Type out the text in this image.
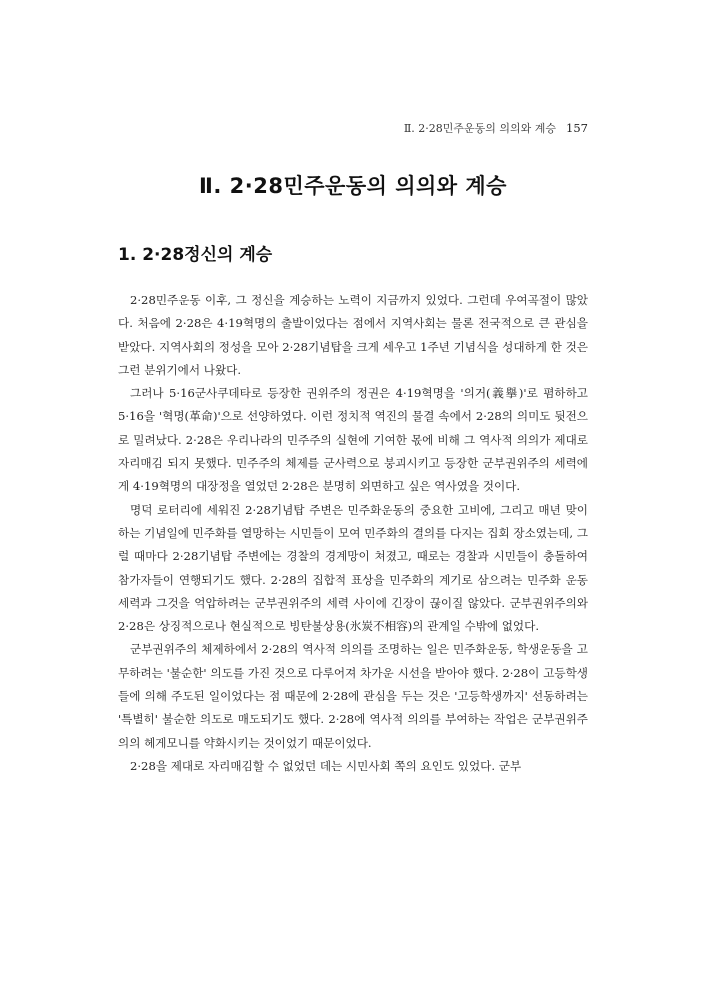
Ⅱ. 2·28민주운동의 의의와 계승 157
Ⅱ. 2·28민주운동의 의의와 계승
1. 2·28정신의 계승

2·28민주운동 이후, 그 정신을 계승하는 노력이 지금까지 있었다. 그런데 우여곡절이 많았다. 처음에 2·28은 4·19혁명의 출발이었다는 점에서 지역사회는 물론 전국적으로 큰 관심을 받았다. 지역사회의 정성을 모아 2·28기념탑을 크게 세우고 1주년 기념식을 성대하게 한 것은 그런 분위기에서 나왔다.

그러나 5·16군사쿠데타로 등장한 권위주의 정권은 4·19혁명을 '의거(義擧)'로 폄하하고 5·16을 '혁명(革命)'으로 선양하였다. 이런 정치적 역진의 물결 속에서 2·28의 의미도 뒷전으로 밀려났다. 2·28은 우리나라의 민주주의 실현에 기여한 몫에 비해 그 역사적 의의가 제대로 자리매김 되지 못했다. 민주주의 체제를 군사력으로 붕괴시키고 등장한 군부권위주의 세력에게 4·19혁명의 대장정을 열었던 2·28은 분명히 외면하고 싶은 역사였을 것이다.

명덕 로터리에 세워진 2·28기념탑 주변은 민주화운동의 중요한 고비에, 그리고 매년 맞이하는 기념일에 민주화를 열망하는 시민들이 모여 민주화의 결의를 다지는 집회 장소였는데, 그럴 때마다 2·28기념탑 주변에는 경찰의 경계망이 쳐졌고, 때로는 경찰과 시민들이 충돌하여 참가자들이 연행되기도 했다. 2·28의 집합적 표상을 민주화의 계기로 삼으려는 민주화 운동 세력과 그것을 억압하려는 군부권위주의 세력 사이에 긴장이 끊이질 않았다. 군부권위주의와 2·28은 상징적으로나 현실적으로 빙탄불상용(氷炭不相容)의 관계일 수밖에 없었다.

군부권위주의 체제하에서 2·28의 역사적 의의를 조명하는 일은 민주화운동, 학생운동을 고무하려는 '불순한' 의도를 가진 것으로 다루어져 차가운 시선을 받아야 했다. 2·28이 고등학생들에 의해 주도된 일이었다는 점 때문에 2·28에 관심을 두는 것은 '고등학생까지' 선동하려는 '특별히' 불순한 의도로 매도되기도 했다. 2·28에 역사적 의의를 부여하는 작업은 군부권위주의의 헤게모니를 약화시키는 것이었기 때문이었다.

2·28을 제대로 자리매김할 수 없었던 데는 시민사회 쪽의 요인도 있었다. 군부
